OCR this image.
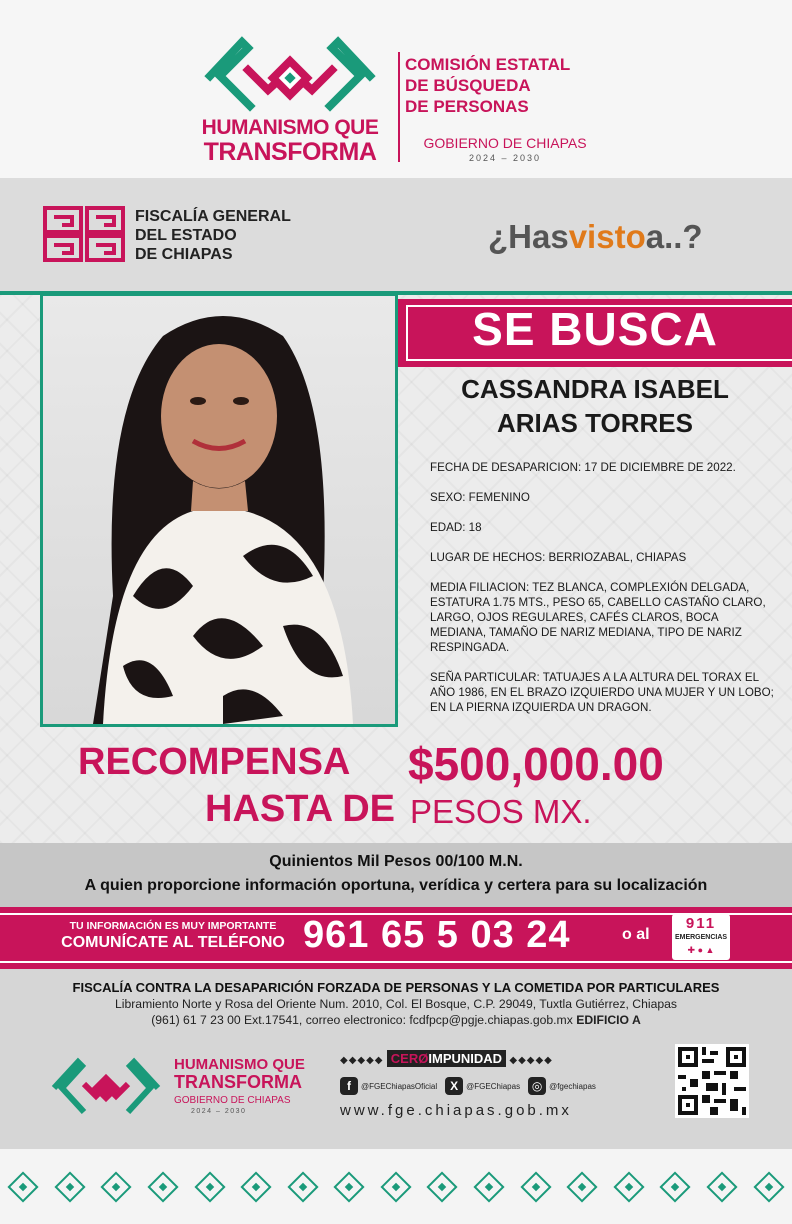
HUMANISMO QUE
TRANSFORMA
COMISIÓN ESTATAL
DE BÚSQUEDA
DE PERSONAS
GOBIERNO DE CHIAPAS
2024 – 2030
FISCALÍA GENERAL
DEL ESTADO
DE CHIAPAS	¿Hasvistoa..?
SE BUSCA
CASSANDRA ISABEL
ARIAS TORRES

FECHA DE DESAPARICION: 17 DE DICIEMBRE DE 2022.

SEXO: FEMENINO

EDAD: 18

LUGAR DE HECHOS: BERRIOZABAL, CHIAPAS

MEDIA FILIACION: TEZ BLANCA, COMPLEXIÓN DELGADA, ESTATURA 1.75 MTS., PESO 65, CABELLO CASTAÑO CLARO, LARGO, OJOS REGULARES, CAFÉS CLAROS, BOCA MEDIANA, TAMAÑO DE NARIZ MEDIANA, TIPO DE NARIZ RESPINGADA.

SEÑA PARTICULAR: TATUAJES A LA ALTURA DEL TORAX EL AÑO 1986, EN EL BRAZO IZQUIERDO UNA MUJER Y UN LOBO; EN LA PIERNA IZQUIERDA UN DRAGON.

RECOMPENSA
HASTA DE
$500,000.00
PESOS MX.
Quinientos Mil Pesos 00/100 M.N.
A quien proporcione información oportuna, verídica y certera para su localización
TU INFORMACIÓN ES MUY IMPORTANTE
COMUNÍCATE AL TELÉFONO 961 65 5 03 24	o al
911
EMERGENCIAS
✚ ● ▲
FISCALÍA CONTRA LA DESAPARICIÓN FORZADA DE PERSONAS Y LA COMETIDA POR PARTICULARES
Libramiento Norte y Rosa del Oriente Num. 2010, Col. El Bosque, C.P. 29049, Tuxtla Gutiérrez, Chiapas
(961) 61 7 23 00 Ext.17541, correo electronico: fcdfpcp@pgje.chiapas.gob.mx EDIFICIO A
HUMANISMO QUE
TRANSFORMA
GOBIERNO DE CHIAPAS
2024 – 2030
◆◆◆◆◆ CERØIMPUNIDAD ◆◆◆◆◆
f	@FGEChiapasOficial	X	@FGEChiapas ◎ @fgechiapas
www.fge.chiapas.gob.mx
